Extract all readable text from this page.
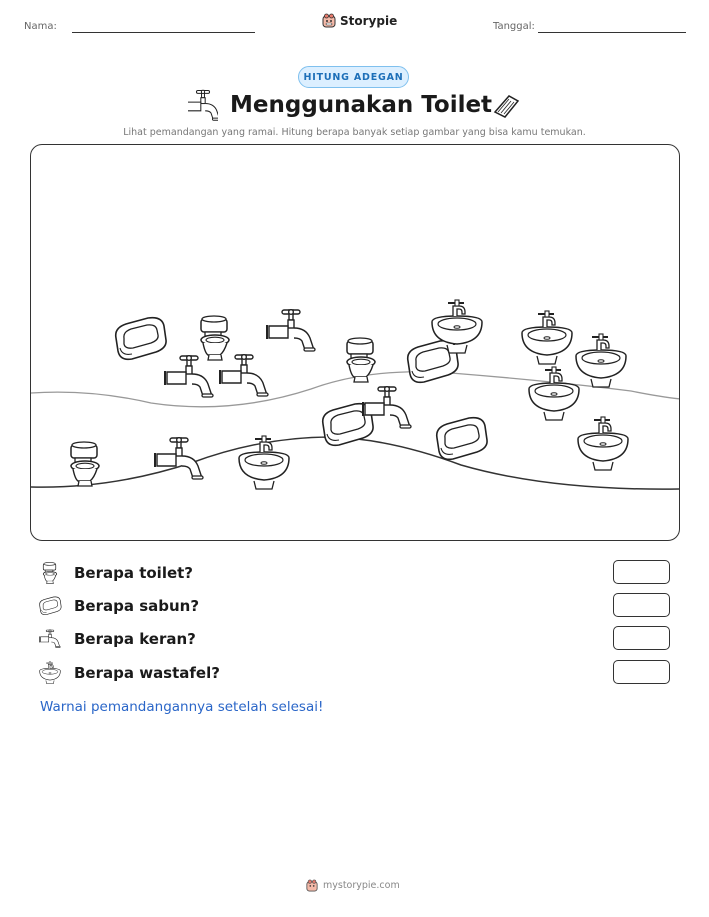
Nama:	Storypie	Tanggal:
HITUNG ADEGAN
Menggunakan Toilet
Lihat pemandangan yang ramai. Hitung berapa banyak setiap gambar yang bisa kamu temukan.
Berapa toilet?
Berapa sabun?
Berapa keran?
Berapa wastafel?
Warnai pemandangannya setelah selesai!
mystorypie.com
